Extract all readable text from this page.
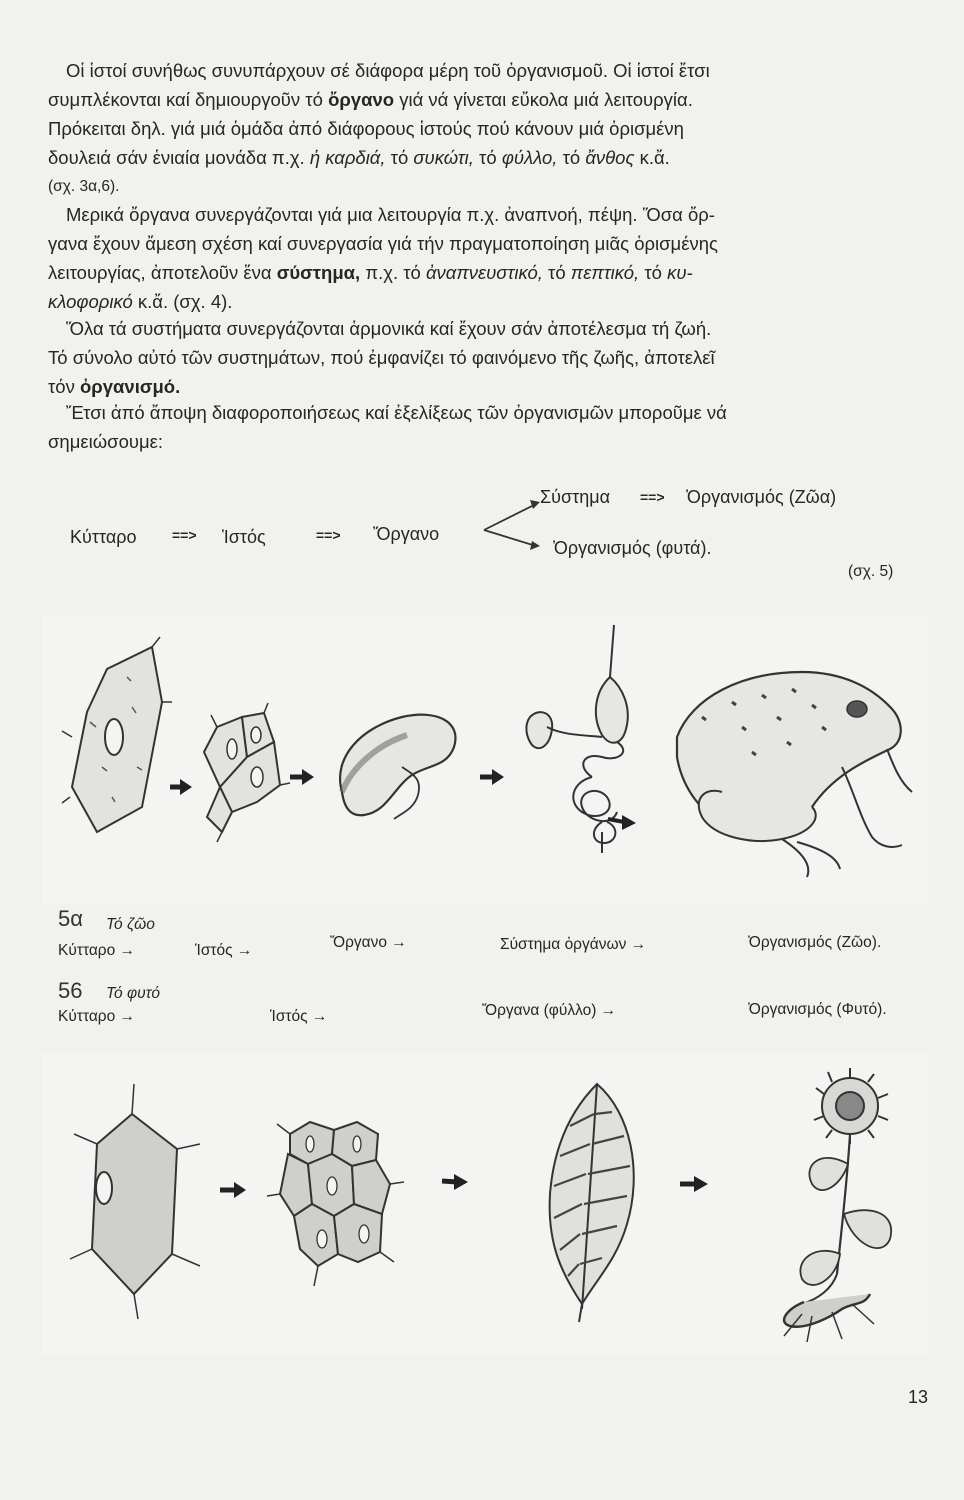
Οἱ ἱστοί συνήθως συνυπάρχουν σέ διάφορα μέρη τοῦ ὀργανισμοῦ. Οἱ ἱστοί ἔτσι
συμπλέκονται καί δημιουργοῦν τό ὄργανο γιά νά γίνεται εὔκολα μιά λειτουργία.
Πρόκειται δηλ. γιά μιά ὁμάδα ἀπό διάφορους ἱστούς πού κάνουν μιά ὁρισμένη
δουλειά σάν ἑνιαία μονάδα π.χ. ἡ καρδιά, τό συκώτι, τό φύλλο, τό ἄνθος κ.ἄ.
(σχ. 3α,6).
Μερικά ὄργανα συνεργάζονται γιά μια λειτουργία π.χ. ἀναπνοή, πέψη. Ὅσα ὄρ-
γανα ἔχουν ἄμεση σχέση καί συνεργασία γιά τήν πραγματοποίηση μιᾶς ὁρισμένης
λειτουργίας, ἀποτελοῦν ἕνα σύστημα, π.χ. τό ἀναπνευστικό, τό πεπτικό, τό κυ-
κλοφορικό κ.ἄ. (σχ. 4).
Ὅλα τά συστήματα συνεργάζονται ἁρμονικά καί ἔχουν σάν ἀποτέλεσμα τή ζωή.
Τό σύνολο αὐτό τῶν συστημάτων, πού ἐμφανίζει τό φαινόμενο τῆς ζωῆς, ἀποτελεῖ
τόν ὀργανισμό.
Ἔτσι ἀπό ἄποψη διαφοροποιήσεως καί ἐξελίξεως τῶν ὀργανισμῶν μποροῦμε νά
σημειώσουμε:
Κύτταρο	==> Ἱστός	==> Ὄργανο
Σύστημα ==> Ὀργανισμός (Ζῶα)
Ὀργανισμός (φυτά).
(σχ. 5)
5α Τό ζῶο
Κύτταρο →	Ἱστός →	Ὄργανο →	Σύστημα ὀργάνων →	Ὀργανισμός (Ζῶο).
56 Τό φυτό
Κύτταρο →	Ἱστός →	Ὄργανα (φύλλο) →	Ὀργανισμός (Φυτό).
13
